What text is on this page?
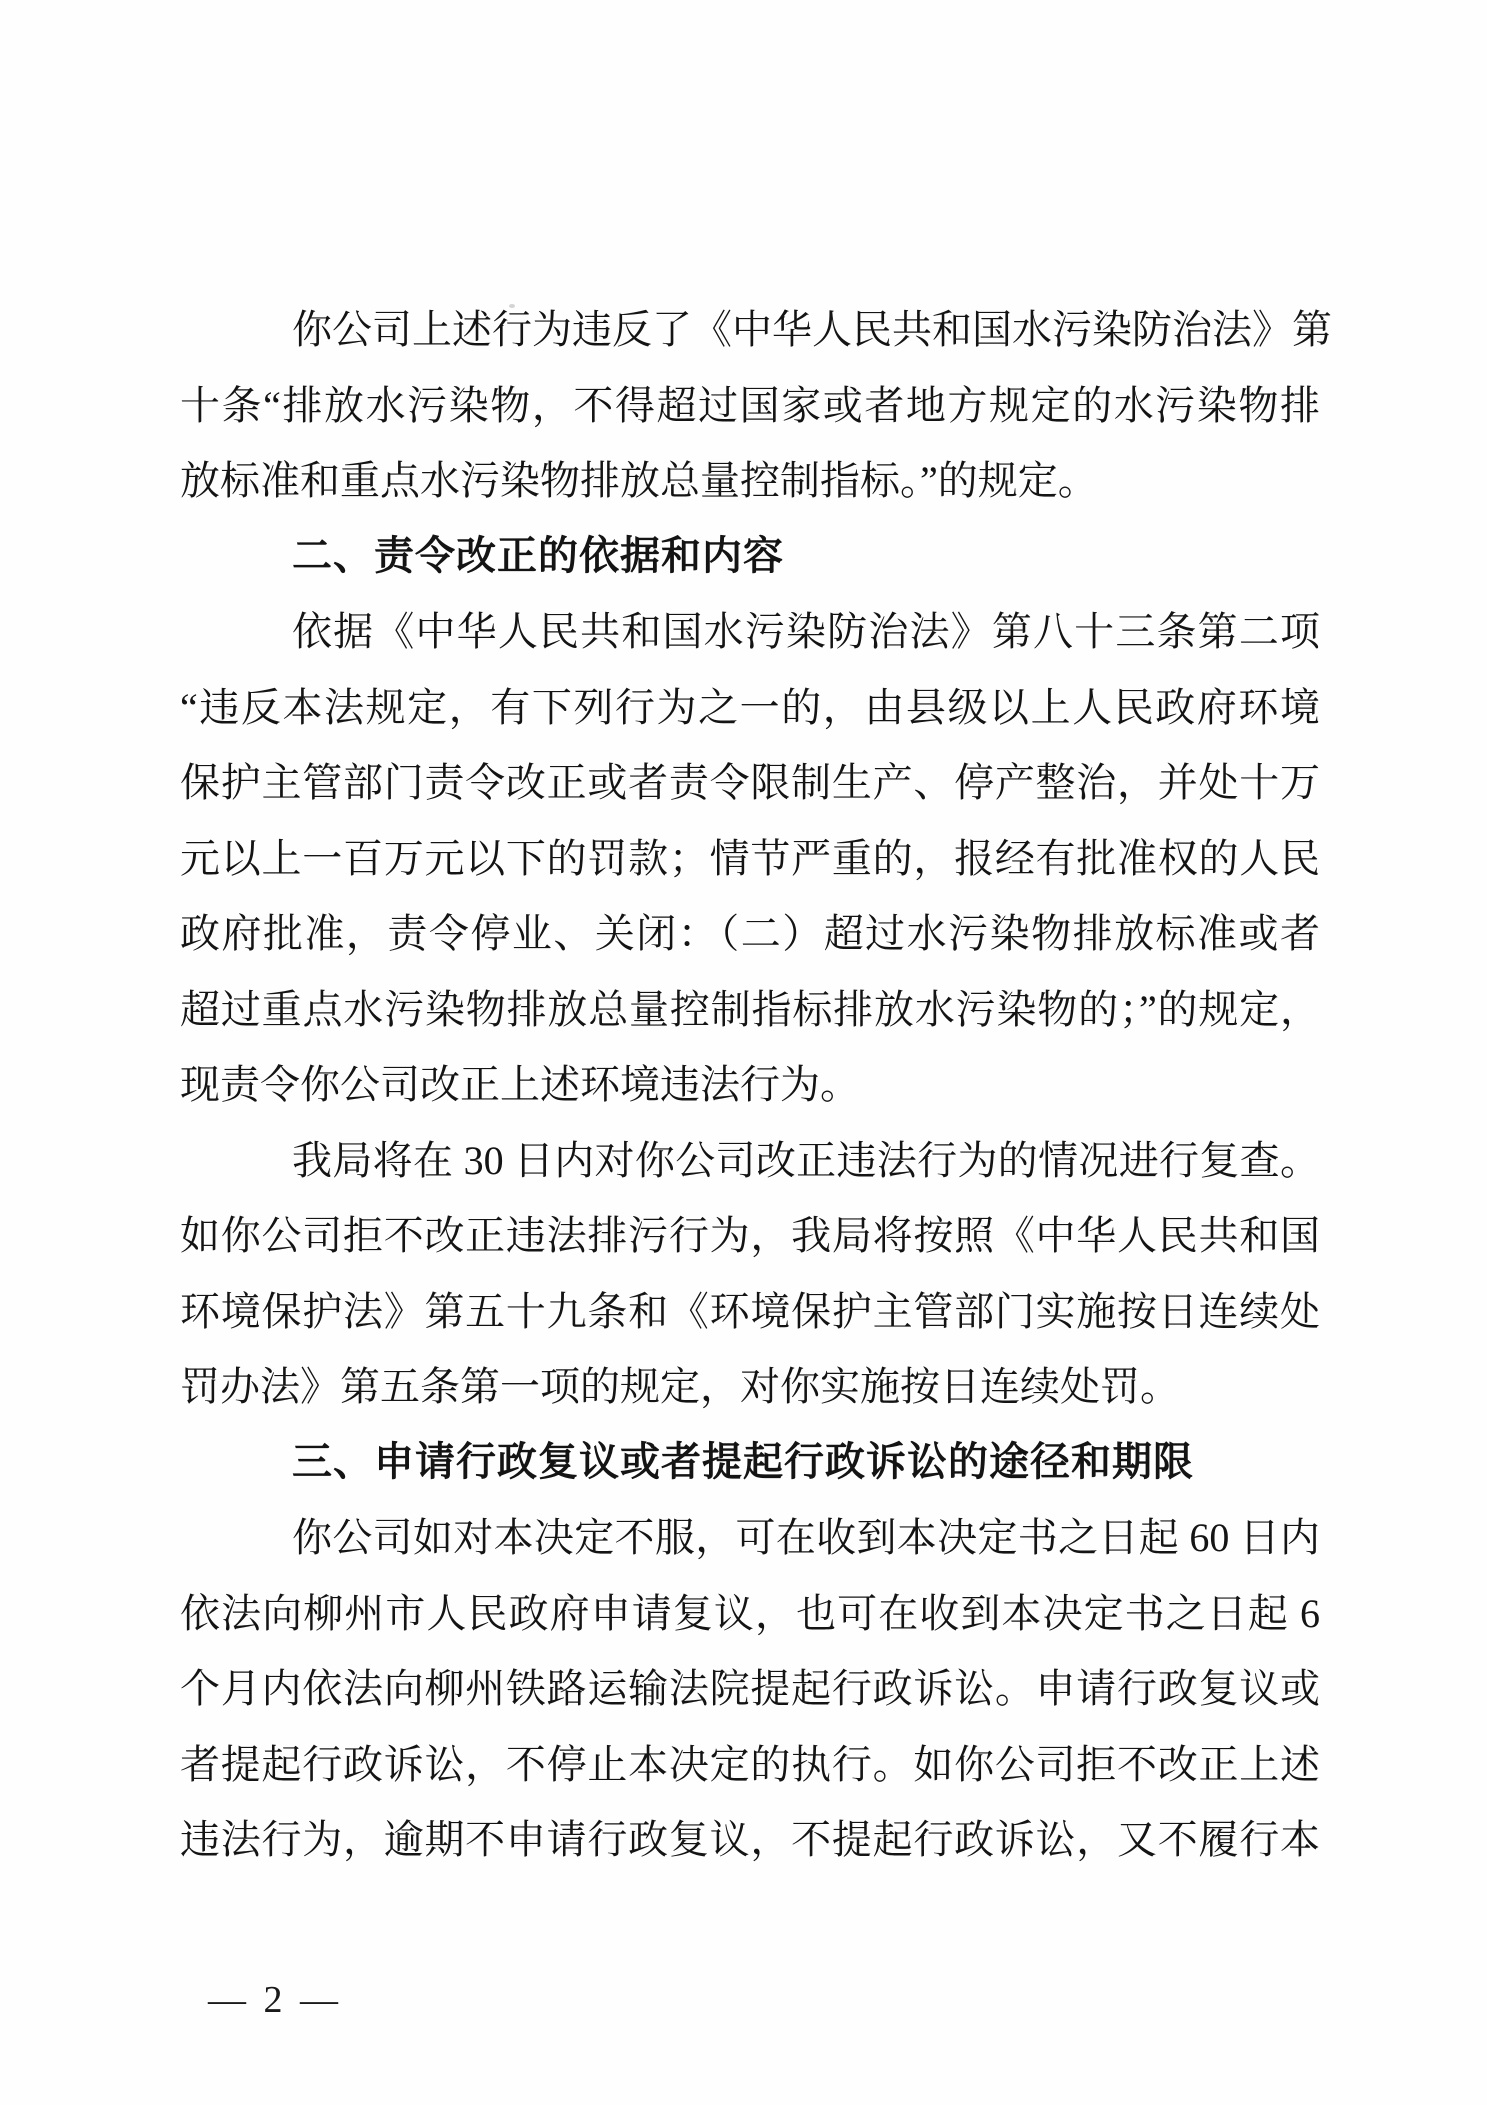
你公司上述行为违反了《中华人民共和国水污染防治法》第
十条“排放水污染物，不得超过国家或者地方规定的水污染物排
放标准和重点水污染物排放总量控制指标。”的规定。
二、责令改正的依据和内容
依据《中华人民共和国水污染防治法》第八十三条第二项
“违反本法规定，有下列行为之一的，由县级以上人民政府环境
保护主管部门责令改正或者责令限制生产、停产整治，并处十万
元以上一百万元以下的罚款；情节严重的，报经有批准权的人民
政府批准，责令停业、关闭：（二）超过水污染物排放标准或者
超过重点水污染物排放总量控制指标排放水污染物的；”的规定，
现责令你公司改正上述环境违法行为。
我局将在 30 日内对你公司改正违法行为的情况进行复查。
如你公司拒不改正违法排污行为，我局将按照《中华人民共和国
环境保护法》第五十九条和《环境保护主管部门实施按日连续处
罚办法》第五条第一项的规定，对你实施按日连续处罚。
三、申请行政复议或者提起行政诉讼的途径和期限
你公司如对本决定不服，可在收到本决定书之日起 60 日内
依法向柳州市人民政府申请复议，也可在收到本决定书之日起 6
个月内依法向柳州铁路运输法院提起行政诉讼。申请行政复议或
者提起行政诉讼，不停止本决定的执行。如你公司拒不改正上述
违法行为，逾期不申请行政复议，不提起行政诉讼，又不履行本
— 2 —
